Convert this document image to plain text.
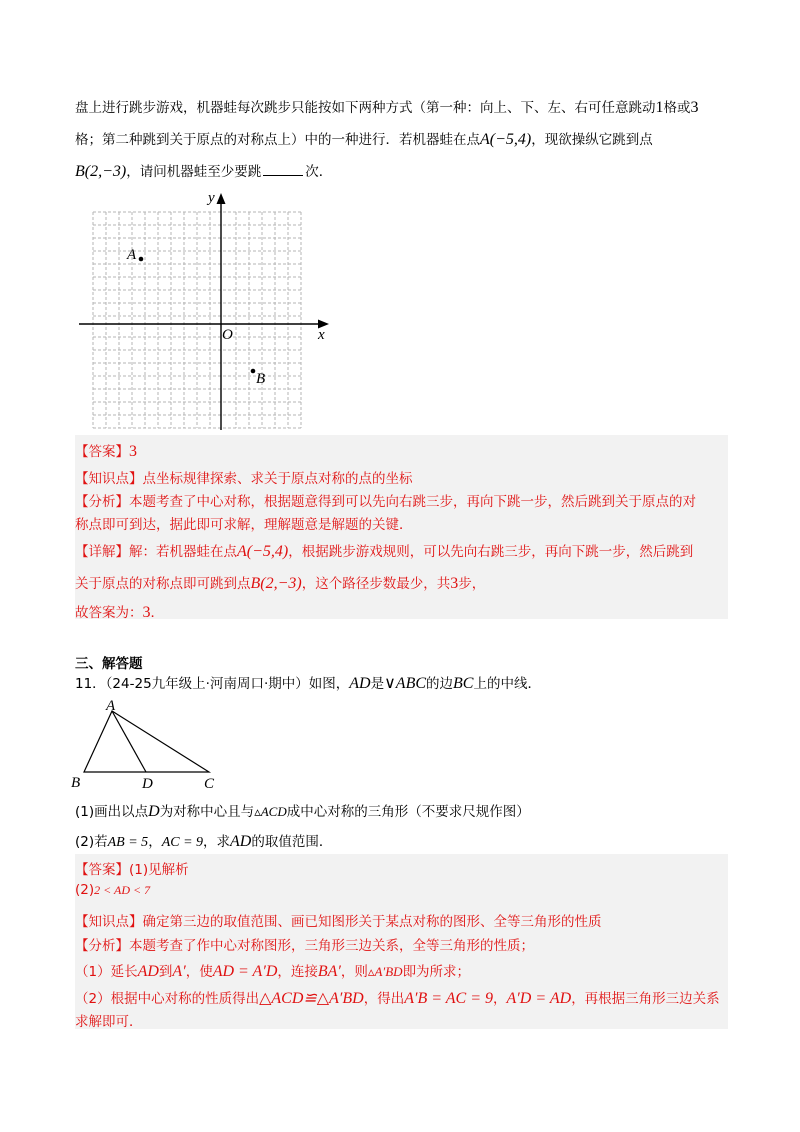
盘上进行跳步游戏，机器蛙每次跳步只能按如下两种方式（第一种：向上、下、左、右可任意跳动1格或3
格；第二种跳到关于原点的对称点上）中的一种进行．若机器蛙在点A(−5,4)，现欲操纵它跳到点
B(2,−3)，请问机器蛙至少要跳	次．
y
x
O
A
B
【答案】3
【知识点】点坐标规律探索、求关于原点对称的点的坐标
【分析】本题考查了中心对称，根据题意得到可以先向右跳三步，再向下跳一步，然后跳到关于原点的对
称点即可到达，据此即可求解，理解题意是解题的关键．
【详解】解：若机器蛙在点A(−5,4)，根据跳步游戏规则，可以先向右跳三步，再向下跳一步，然后跳到
关于原点的对称点即可跳到点B(2,−3)，这个路径步数最少，共3步，
故答案为：3．
三、解答题
11．（24-25九年级上·河南周口·期中）如图，AD是∨ABC的边BC上的中线．
A
B	D	C
(1)画出以点D为对称中心且与▵ACD成中心对称的三角形（不要求尺规作图）
(2)若AB = 5，AC = 9，求AD的取值范围．
【答案】(1)见解析
(2)2 < AD < 7
【知识点】确定第三边的取值范围、画已知图形关于某点对称的图形、全等三角形的性质
【分析】本题考查了作中心对称图形，三角形三边关系，全等三角形的性质；
（1）延长AD到A′，使AD = A′D，连接BA′，则▵A′BD即为所求；
（2）根据中心对称的性质得出△ACD≌△A′BD，得出A′B = AC = 9，A′D = AD，再根据三角形三边关系
求解即可．
